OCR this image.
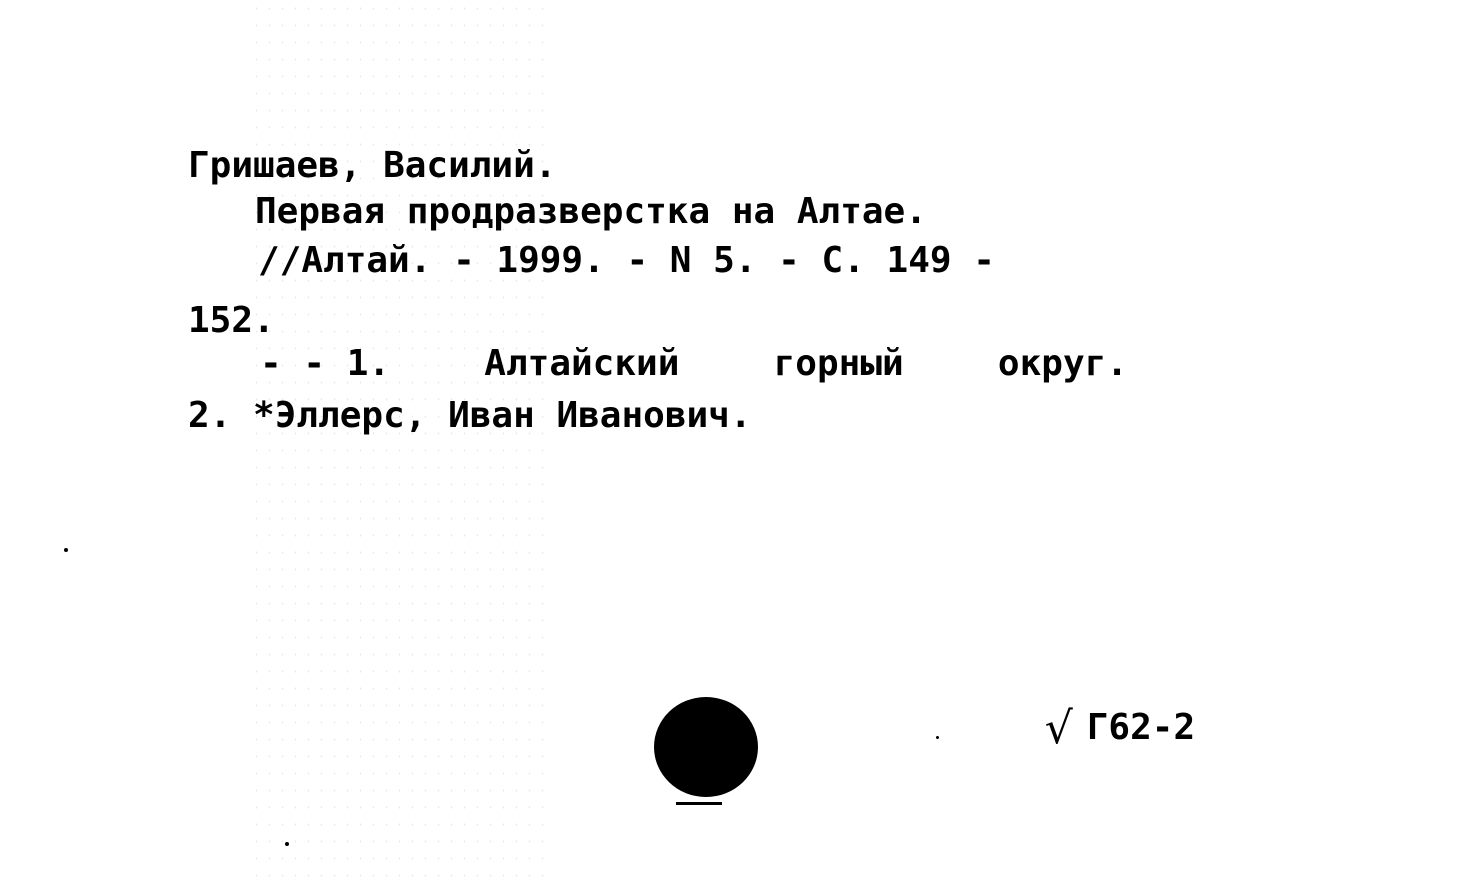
Гришаев, Василий.
Первая продразверстка на Алтае.
//Алтай. - 1999. - N 5. - С. 149 -
152.
- - 1.	Алтайский	горный	округ.
2. *Эллерс, Иван Иванович.

√ Г62-2
